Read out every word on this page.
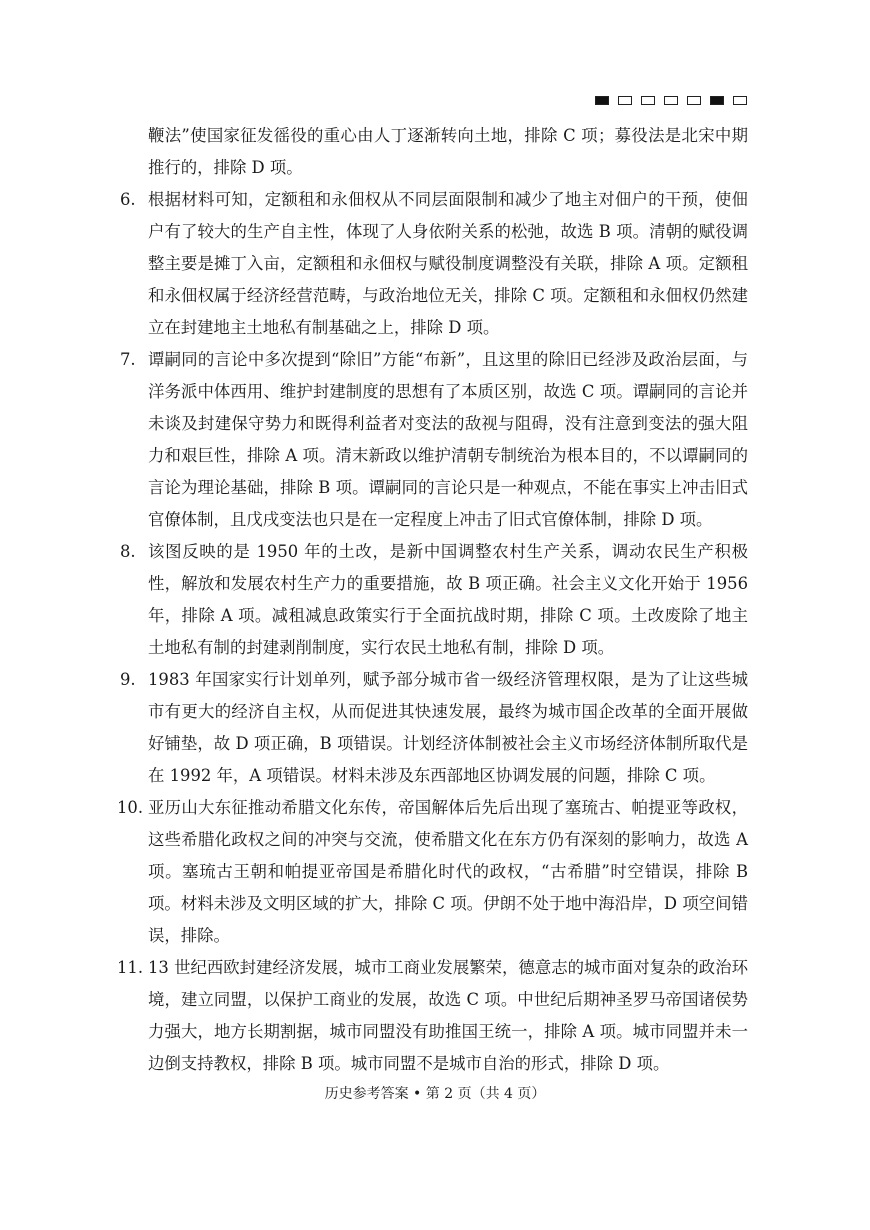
鞭法”使国家征发徭役的重心由人丁逐渐转向土地，排除 C 项；募役法是北宋中期推行的，排除 D 项。
6. 根据材料可知，定额租和永佃权从不同层面限制和减少了地主对佃户的干预，使佃户有了较大的生产自主性，体现了人身依附关系的松弛，故选 B 项。清朝的赋役调整主要是摊丁入亩，定额租和永佃权与赋役制度调整没有关联，排除 A 项。定额租和永佃权属于经济经营范畴，与政治地位无关，排除 C 项。定额租和永佃权仍然建立在封建地主土地私有制基础之上，排除 D 项。
7. 谭嗣同的言论中多次提到“除旧”方能“布新”，且这里的除旧已经涉及政治层面，与洋务派中体西用、维护封建制度的思想有了本质区别，故选 C 项。谭嗣同的言论并未谈及封建保守势力和既得利益者对变法的敌视与阻碍，没有注意到变法的强大阻力和艰巨性，排除 A 项。清末新政以维护清朝专制统治为根本目的，不以谭嗣同的言论为理论基础，排除 B 项。谭嗣同的言论只是一种观点，不能在事实上冲击旧式官僚体制，且戊戌变法也只是在一定程度上冲击了旧式官僚体制，排除 D 项。
8. 该图反映的是 1950 年的土改，是新中国调整农村生产关系，调动农民生产积极性，解放和发展农村生产力的重要措施，故 B 项正确。社会主义文化开始于 1956 年，排除 A 项。减租减息政策实行于全面抗战时期，排除 C 项。土改废除了地主土地私有制的封建剥削制度，实行农民土地私有制，排除 D 项。
9. 1983 年国家实行计划单列，赋予部分城市省一级经济管理权限，是为了让这些城市有更大的经济自主权，从而促进其快速发展，最终为城市国企改革的全面开展做好铺垫，故 D 项正确，B 项错误。计划经济体制被社会主义市场经济体制所取代是在 1992 年，A 项错误。材料未涉及东西部地区协调发展的问题，排除 C 项。
10. 亚历山大东征推动希腊文化东传，帝国解体后先后出现了塞琉古、帕提亚等政权，这些希腊化政权之间的冲突与交流，使希腊文化在东方仍有深刻的影响力，故选 A 项。塞琉古王朝和帕提亚帝国是希腊化时代的政权，“古希腊”时空错误，排除 B 项。材料未涉及文明区域的扩大，排除 C 项。伊朗不处于地中海沿岸，D 项空间错误，排除。
11. 13 世纪西欧封建经济发展，城市工商业发展繁荣，德意志的城市面对复杂的政治环境，建立同盟，以保护工商业的发展，故选 C 项。中世纪后期神圣罗马帝国诸侯势力强大，地方长期割据，城市同盟没有助推国王统一，排除 A 项。城市同盟并未一边倒支持教权，排除 B 项。城市同盟不是城市自治的形式，排除 D 项。
历史参考答案 • 第 2 页（共 4 页）
